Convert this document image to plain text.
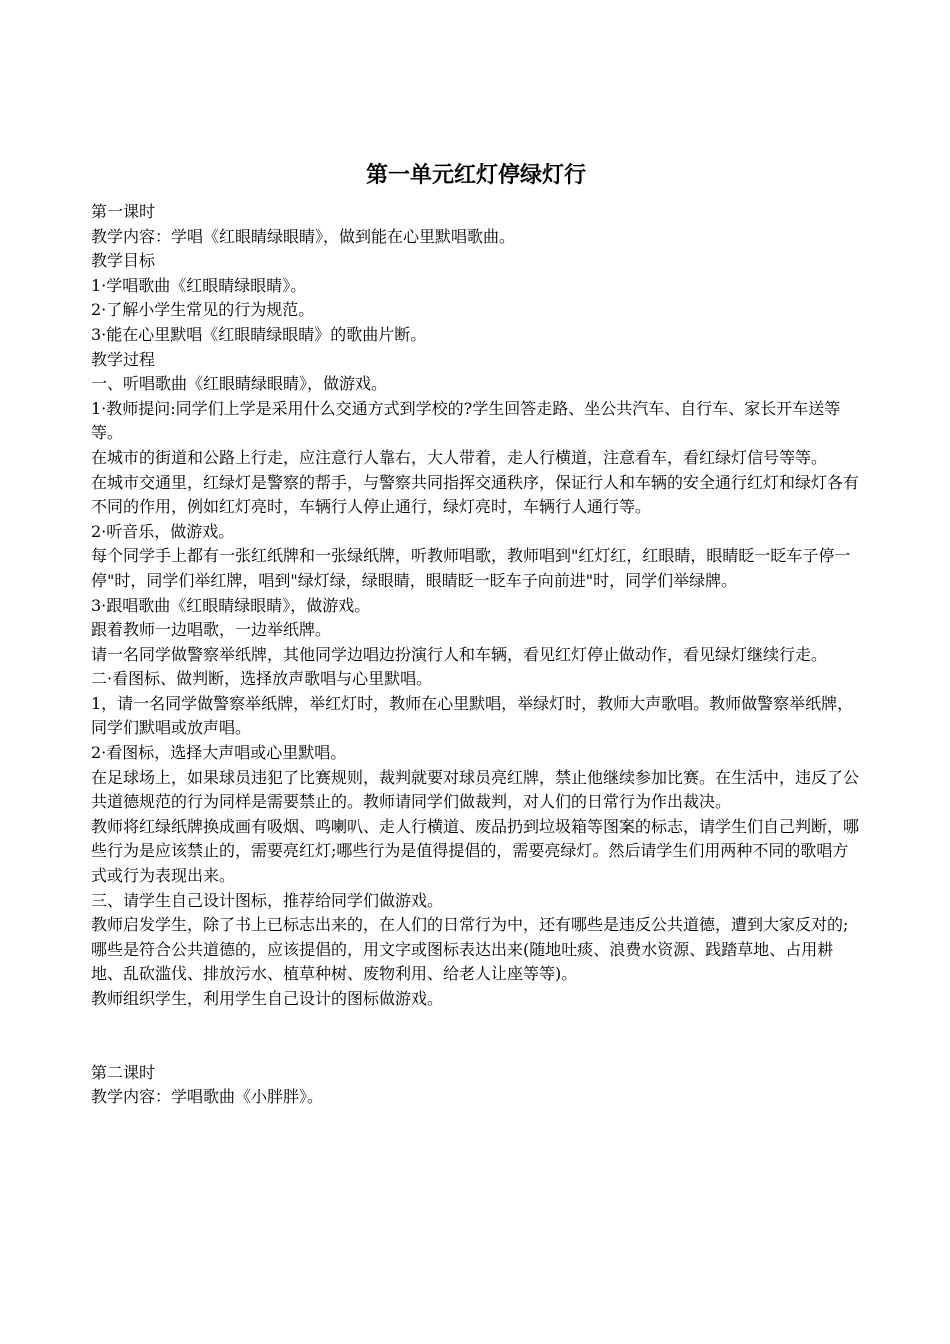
第一单元红灯停绿灯行

第一课时

教学内容：学唱《红眼睛绿眼睛》，做到能在心里默唱歌曲。

教学目标

1·学唱歌曲《红眼睛绿眼睛》。

2·了解小学生常见的行为规范。

3·能在心里默唱《红眼睛绿眼睛》的歌曲片断。

教学过程

一、听唱歌曲《红眼睛绿眼睛》，做游戏。

1·教师提问:同学们上学是采用什么交通方式到学校的?学生回答走路、坐公共汽车、自行车、家长开车送等等。

在城市的街道和公路上行走，应注意行人靠右，大人带着，走人行横道，注意看车，看红绿灯信号等等。

在城市交通里，红绿灯是警察的帮手，与警察共同指挥交通秩序，保证行人和车辆的安全通行红灯和绿灯各有不同的作用，例如红灯亮时，车辆行人停止通行，绿灯亮时，车辆行人通行等。

2·听音乐，做游戏。

每个同学手上都有一张红纸牌和一张绿纸牌，听教师唱歌，教师唱到"红灯红，红眼睛，眼睛眨一眨车子停一停"时，同学们举红牌，唱到"绿灯绿，绿眼睛，眼睛眨一眨车子向前进"时，同学们举绿牌。

3·跟唱歌曲《红眼睛绿眼睛》，做游戏。

跟着教师一边唱歌，一边举纸牌。

请一名同学做警察举纸牌，其他同学边唱边扮演行人和车辆，看见红灯停止做动作，看见绿灯继续行走。

二·看图标、做判断，选择放声歌唱与心里默唱。

1，请一名同学做警察举纸牌，举红灯时，教师在心里默唱，举绿灯时，教师大声歌唱。教师做警察举纸牌，同学们默唱或放声唱。

2·看图标，选择大声唱或心里默唱。

在足球场上，如果球员违犯了比赛规则，裁判就要对球员亮红牌，禁止他继续参加比赛。在生活中，违反了公共道德规范的行为同样是需要禁止的。教师请同学们做裁判，对人们的日常行为作出裁决。

教师将红绿纸牌换成画有吸烟、鸣喇叭、走人行横道、废品扔到垃圾箱等图案的标志，请学生们自己判断，哪些行为是应该禁止的，需要亮红灯;哪些行为是值得提倡的，需要亮绿灯。然后请学生们用两种不同的歌唱方式或行为表现出来。

三、请学生自己设计图标，推荐给同学们做游戏。

教师启发学生，除了书上已标志出来的，在人们的日常行为中，还有哪些是违反公共道德，遭到大家反对的;哪些是符合公共道德的，应该提倡的，用文字或图标表达出来(随地吐痰、浪费水资源、践踏草地、占用耕地、乱砍滥伐、排放污水、植草种树、废物利用、给老人让座等等)。

教师组织学生，利用学生自己设计的图标做游戏。

第二课时

教学内容：学唱歌曲《小胖胖》。
